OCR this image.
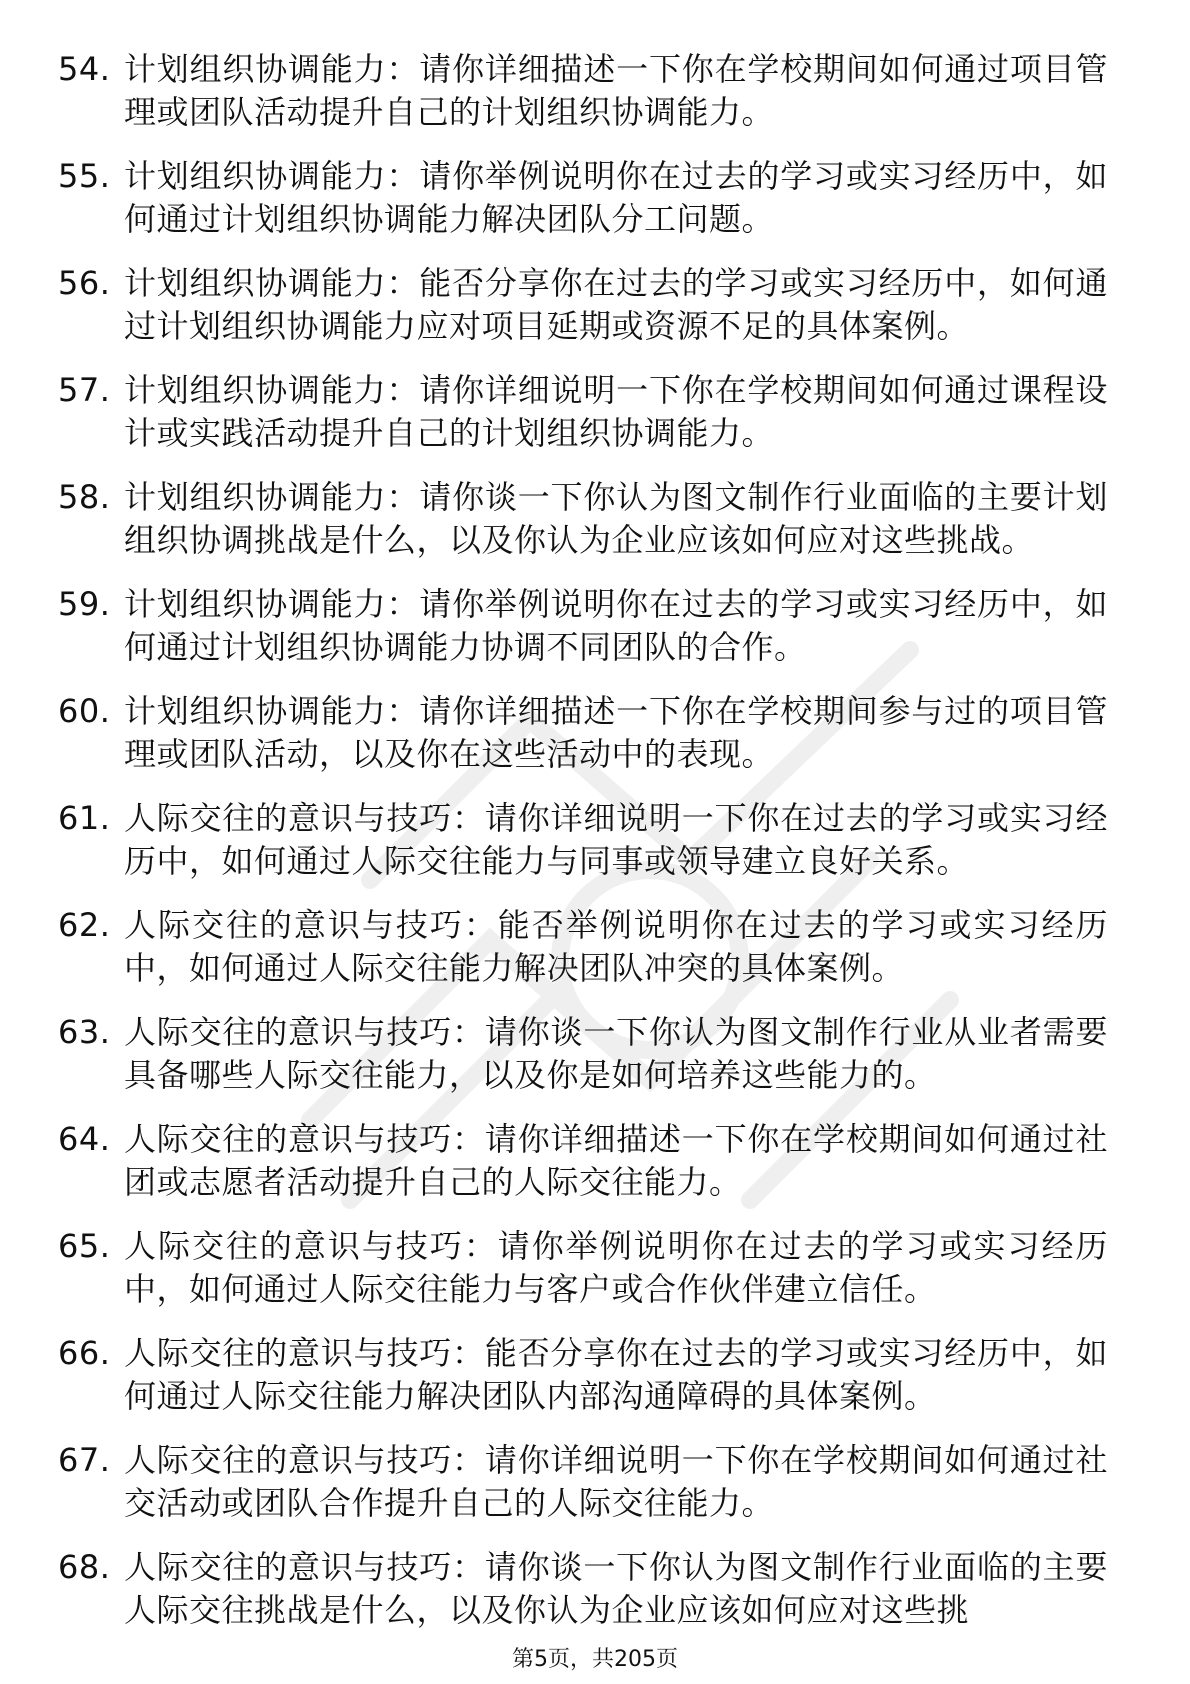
54. 计划组织协调能力：请你详细描述一下你在学校期间如何通过项目管理或团队活动提升自己的计划组织协调能力。
55. 计划组织协调能力：请你举例说明你在过去的学习或实习经历中，如何通过计划组织协调能力解决团队分工问题。
56. 计划组织协调能力：能否分享你在过去的学习或实习经历中，如何通过计划组织协调能力应对项目延期或资源不足的具体案例。
57. 计划组织协调能力：请你详细说明一下你在学校期间如何通过课程设计或实践活动提升自己的计划组织协调能力。
58. 计划组织协调能力：请你谈一下你认为图文制作行业面临的主要计划组织协调挑战是什么，以及你认为企业应该如何应对这些挑战。
59. 计划组织协调能力：请你举例说明你在过去的学习或实习经历中，如何通过计划组织协调能力协调不同团队的合作。
60. 计划组织协调能力：请你详细描述一下你在学校期间参与过的项目管理或团队活动，以及你在这些活动中的表现。
61. 人际交往的意识与技巧：请你详细说明一下你在过去的学习或实习经历中，如何通过人际交往能力与同事或领导建立良好关系。
62. 人际交往的意识与技巧：能否举例说明你在过去的学习或实习经历中，如何通过人际交往能力解决团队冲突的具体案例。
63. 人际交往的意识与技巧：请你谈一下你认为图文制作行业从业者需要具备哪些人际交往能力，以及你是如何培养这些能力的。
64. 人际交往的意识与技巧：请你详细描述一下你在学校期间如何通过社团或志愿者活动提升自己的人际交往能力。
65. 人际交往的意识与技巧：请你举例说明你在过去的学习或实习经历中，如何通过人际交往能力与客户或合作伙伴建立信任。
66. 人际交往的意识与技巧：能否分享你在过去的学习或实习经历中，如何通过人际交往能力解决团队内部沟通障碍的具体案例。
67. 人际交往的意识与技巧：请你详细说明一下你在学校期间如何通过社交活动或团队合作提升自己的人际交往能力。
68. 人际交往的意识与技巧：请你谈一下你认为图文制作行业面临的主要人际交往挑战是什么，以及你认为企业应该如何应对这些挑
第5页，共205页
